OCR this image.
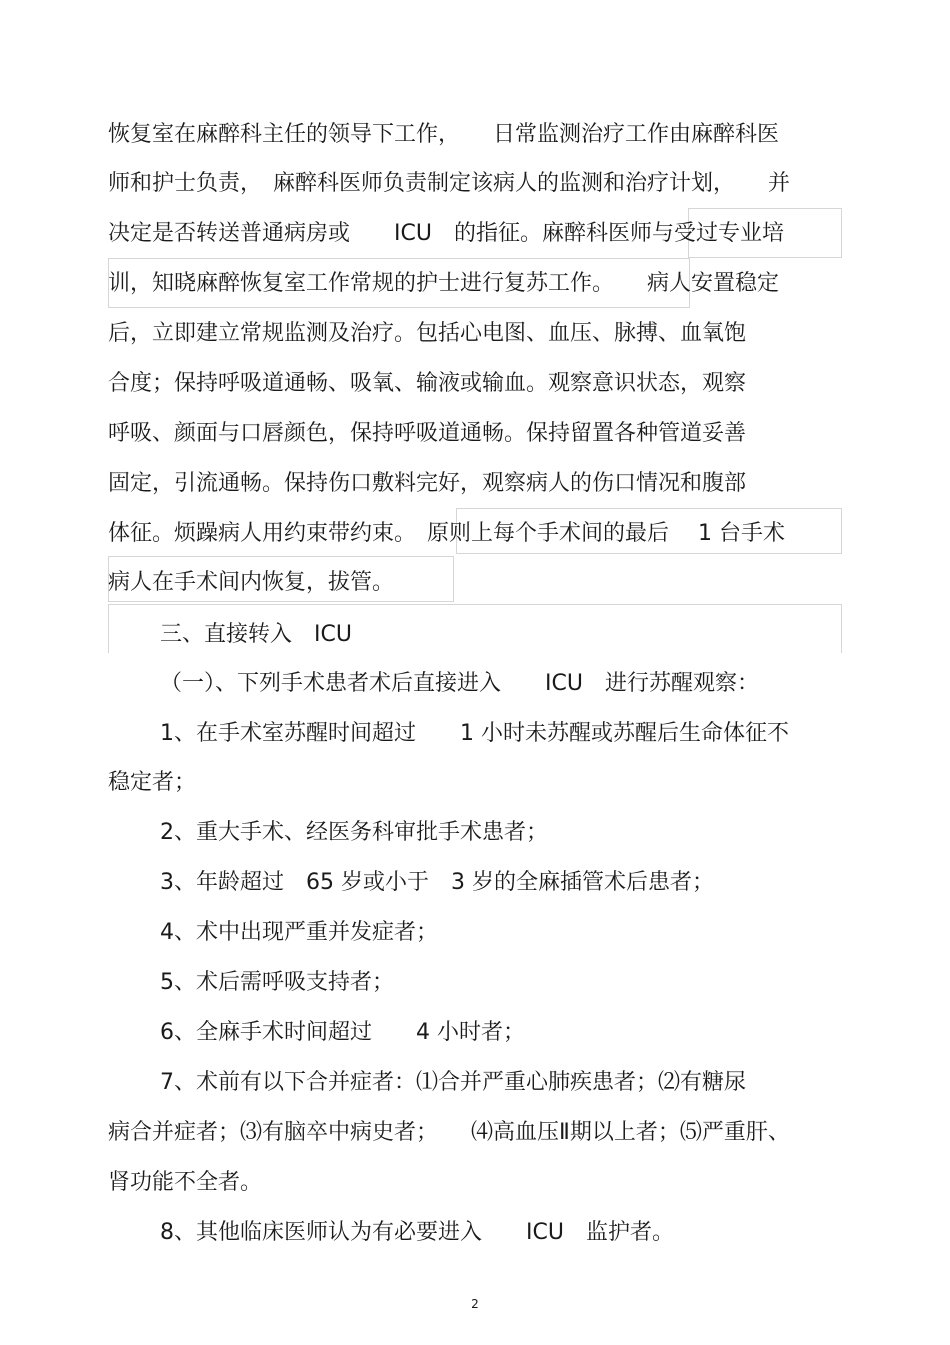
恢复室在麻醉科主任的领导下工作，　　日常监测治疗工作由麻醉科医
师和护士负责，　麻醉科医师负责制定该病人的监测和治疗计划，　　并
决定是否转送普通病房或　　ICU　的指征。麻醉科医师与受过专业培
训，知晓麻醉恢复室工作常规的护士进行复苏工作。　　病人安置稳定
后，立即建立常规监测及治疗。包括心电图、血压、脉搏、血氧饱
合度；保持呼吸道通畅、吸氧、输液或输血。观察意识状态，观察
呼吸、颜面与口唇颜色，保持呼吸道通畅。保持留置各种管道妥善
固定，引流通畅。保持伤口敷料完好，观察病人的伤口情况和腹部
体征。烦躁病人用约束带约束。　原则上每个手术间的最后　 1 台手术
病人在手术间内恢复，拔管。
三、直接转入　ICU
（一）、下列手术患者术后直接进入　　ICU　进行苏醒观察：
1、在手术室苏醒时间超过　　1 小时未苏醒或苏醒后生命体征不
稳定者；
2、重大手术、经医务科审批手术患者；
3、年龄超过　65 岁或小于　3 岁的全麻插管术后患者；
4、术中出现严重并发症者；
5、术后需呼吸支持者；
6、全麻手术时间超过　　4 小时者；
7、术前有以下合并症者：⑴合并严重心肺疾患者；⑵有糖尿
病合并症者；⑶有脑卒中病史者；　　⑷高血压Ⅱ期以上者；⑸严重肝、
肾功能不全者。
8、其他临床医师认为有必要进入　　ICU　监护者。
2
